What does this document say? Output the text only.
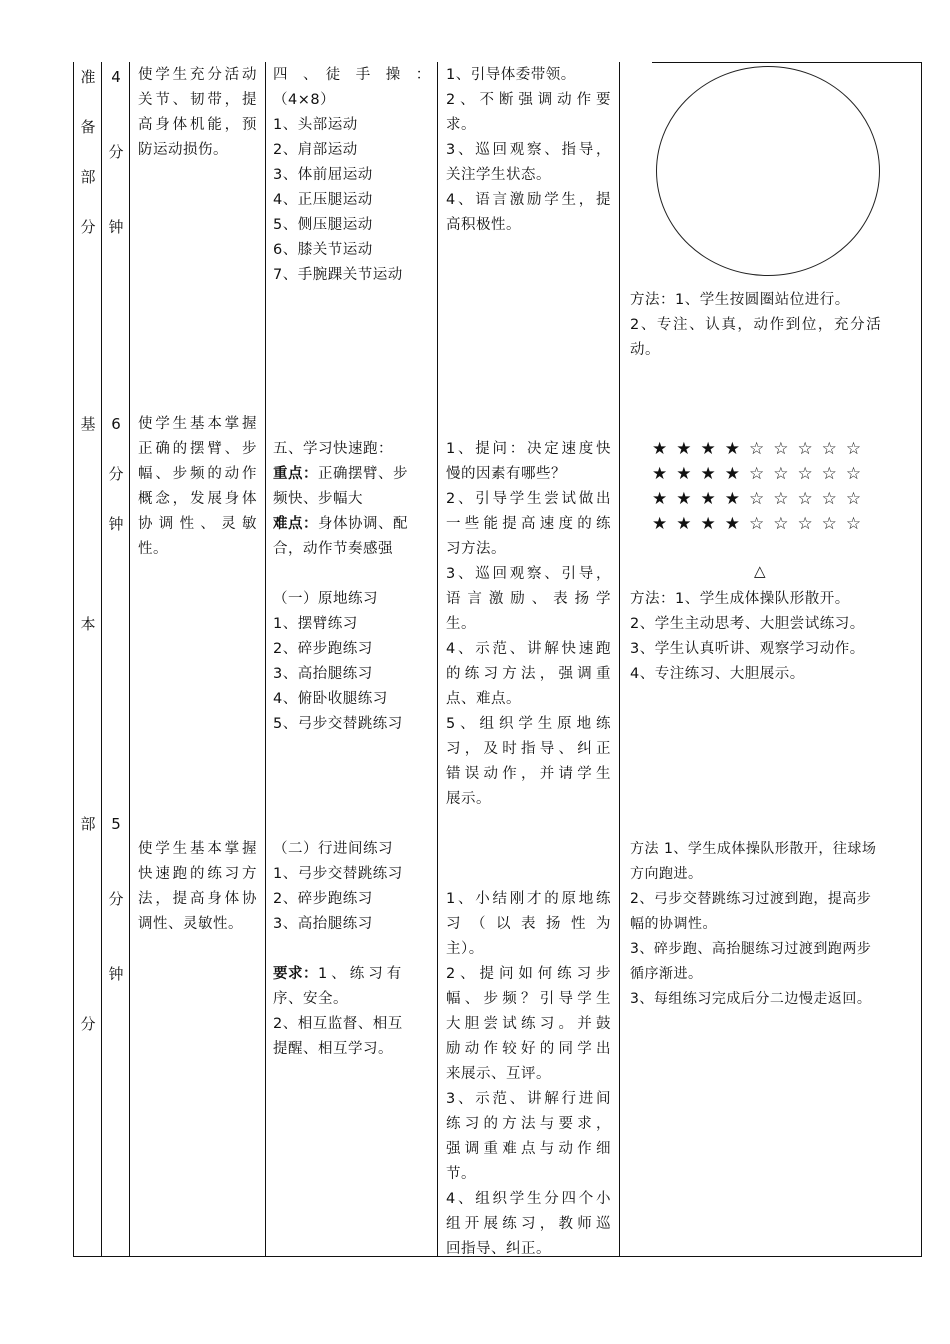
准
备
部
分
4
分
钟
使学生充分活动
关节、韧带，提
高身体机能，预
防运动损伤。
四　、　徒　手　操　：
（4×8）
1、头部运动
2、肩部运动
3、体前屈运动
4、正压腿运动
5、侧压腿运动
6、膝关节运动
7、手腕踝关节运动
1、引导体委带领。
2、不断强调动作要
求。
3、巡回观察、指导，
关注学生状态。
4、语言激励学生，提
高积极性。
方法：1、学生按圆圈站位进行。
2、专注、认真，动作到位，充分活
动。
基
本
部
分
6
分
钟
5
分
钟
使学生基本掌握
正确的摆臂、步
幅、步频的动作
概念，发展身体
协调性、灵敏
性。
使学生基本掌握
快速跑的练习方
法，提高身体协
调性、灵敏性。
五、学习快速跑：
重点：正确摆臂、步
频快、步幅大
难点：身体协调、配
合，动作节奏感强
（一）原地练习
1、摆臂练习
2、碎步跑练习
3、高抬腿练习
4、俯卧收腿练习
5、弓步交替跳练习
（二）行进间练习
1、弓步交替跳练习
2、碎步跑练习
3、高抬腿练习
要求：1、练习有
序、安全。
2、相互监督、相互
提醒、相互学习。
1、提问：决定速度快
慢的因素有哪些？
2、引导学生尝试做出
一些能提高速度的练
习方法。
3、巡回观察、引导，
语言激励、表扬学
生。
4、示范、讲解快速跑
的练习方法，强调重
点、难点。
5、组织学生原地练
习，及时指导、纠正
错误动作，并请学生
展示。
1、小结刚才的原地练
习（以表扬性为
主）。
2、提问如何练习步
幅、步频？引导学生
大胆尝试练习。并鼓
励动作较好的同学出
来展示、互评。
3、示范、讲解行进间
练习的方法与要求，
强调重难点与动作细
节。
4、组织学生分四个小
组开展练习，教师巡
回指导、纠正。
★★★★☆☆☆☆☆
★★★★☆☆☆☆☆
★★★★☆☆☆☆☆
★★★★☆☆☆☆☆
△
方法：1、学生成体操队形散开。
2、学生主动思考、大胆尝试练习。
3、学生认真听讲、观察学习动作。
4、专注练习、大胆展示。
方法 1、学生成体操队形散开，往球场
方向跑进。
2、弓步交替跳练习过渡到跑，提高步
幅的协调性。
3、碎步跑、高抬腿练习过渡到跑两步
循序渐进。
3、每组练习完成后分二边慢走返回。
